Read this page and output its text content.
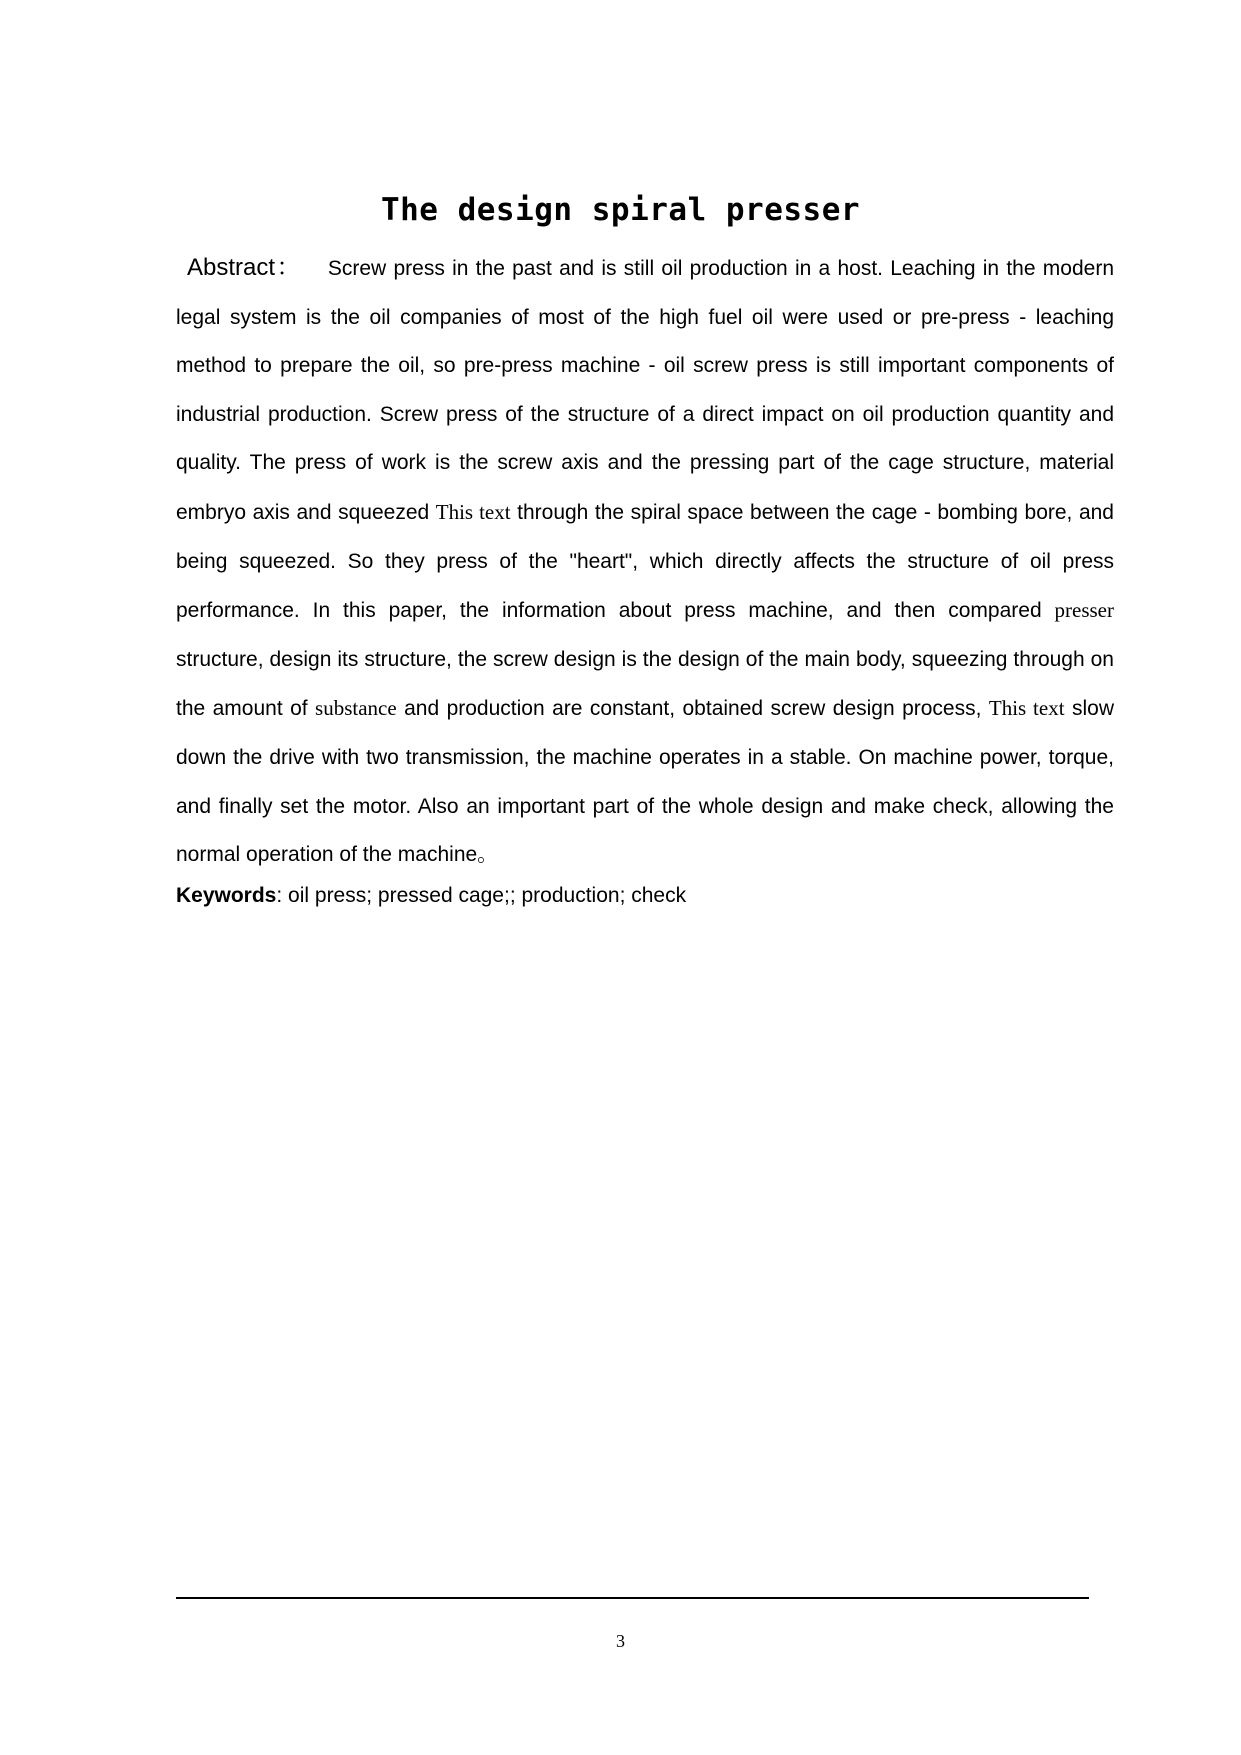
The design spiral presser

Abstract： Screw press in the past and is still oil production in a host. Leaching in the modern legal system is the oil companies of most of the high fuel oil were used or pre-press - leaching method to prepare the oil, so pre-press machine - oil screw press is still important components of industrial production. Screw press of the structure of a direct impact on oil production quantity and quality. The press of work is the screw axis and the pressing part of the cage structure, material embryo axis and squeezed This text through the spiral space between the cage - bombing bore, and being squeezed. So they press of the "heart", which directly affects the structure of oil press performance. In this paper, the information about press machine, and then compared presser structure, design its structure, the screw design is the design of the main body, squeezing through on the amount of substance and production are constant, obtained screw design process, This text slow down the drive with two transmission, the machine operates in a stable. On machine power, torque, and finally set the motor. Also an important part of the whole design and make check, allowing the normal operation of the machine。

Keywords: oil press; pressed cage;; production; check

3
